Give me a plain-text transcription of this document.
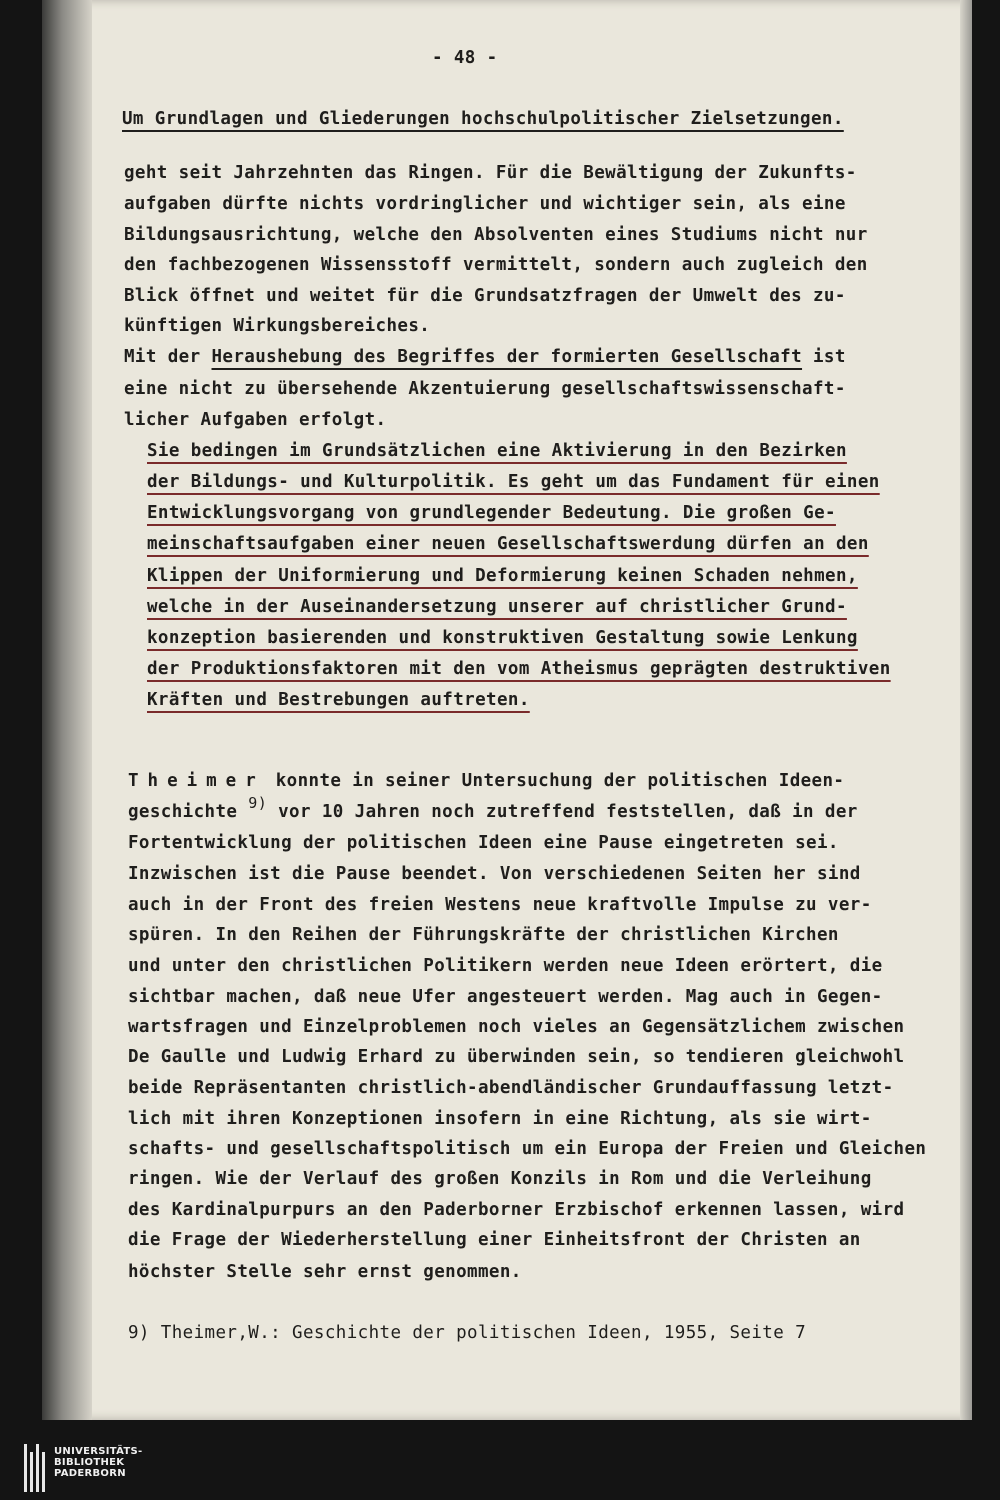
- 48 -
Um Grundlagen und Gliederungen hochschulpolitischer Zielsetzungen.
geht seit Jahrzehnten das Ringen. Für die Bewältigung der Zukunfts-
aufgaben dürfte nichts vordringlicher und wichtiger sein, als eine
Bildungsausrichtung, welche den Absolventen eines Studiums nicht nur
den fachbezogenen Wissensstoff vermittelt, sondern auch zugleich den
Blick öffnet und weitet für die Grundsatzfragen der Umwelt des zu-
künftigen Wirkungsbereiches.
Mit der Heraushebung des Begriffes der formierten Gesellschaft ist
eine nicht zu übersehende Akzentuierung gesellschaftswissenschaft-
licher Aufgaben erfolgt.
Sie bedingen im Grundsätzlichen eine Aktivierung in den Bezirken
der Bildungs- und Kulturpolitik. Es geht um das Fundament für einen
Entwicklungsvorgang von grundlegender Bedeutung. Die großen Ge-
meinschaftsaufgaben einer neuen Gesellschaftswerdung dürfen an den
Klippen der Uniformierung und Deformierung keinen Schaden nehmen,
welche in der Auseinandersetzung unserer auf christlicher Grund-
konzeption basierenden und konstruktiven Gestaltung sowie Lenkung
der Produktionsfaktoren mit den vom Atheismus geprägten destruktiven
Kräften und Bestrebungen auftreten.
Theimer konnte in seiner Untersuchung der politischen Ideen-
geschichte 9) vor 10 Jahren noch zutreffend feststellen, daß in der
Fortentwicklung der politischen Ideen eine Pause eingetreten sei.
Inzwischen ist die Pause beendet. Von verschiedenen Seiten her sind
auch in der Front des freien Westens neue kraftvolle Impulse zu ver-
spüren. In den Reihen der Führungskräfte der christlichen Kirchen
und unter den christlichen Politikern werden neue Ideen erörtert, die
sichtbar machen, daß neue Ufer angesteuert werden. Mag auch in Gegen-
wartsfragen und Einzelproblemen noch vieles an Gegensätzlichem zwischen
De Gaulle und Ludwig Erhard zu überwinden sein, so tendieren gleichwohl
beide Repräsentanten christlich-abendländischer Grundauffassung letzt-
lich mit ihren Konzeptionen insofern in eine Richtung, als sie wirt-
schafts- und gesellschaftspolitisch um ein Europa der Freien und Gleichen
ringen. Wie der Verlauf des großen Konzils in Rom und die Verleihung
des Kardinalpurpurs an den Paderborner Erzbischof erkennen lassen, wird
die Frage der Wiederherstellung einer Einheitsfront der Christen an
höchster Stelle sehr ernst genommen.
9) Theimer,W.: Geschichte der politischen Ideen, 1955, Seite 7
UNIVERSITÄTS-
BIBLIOTHEK
PADERBORN
